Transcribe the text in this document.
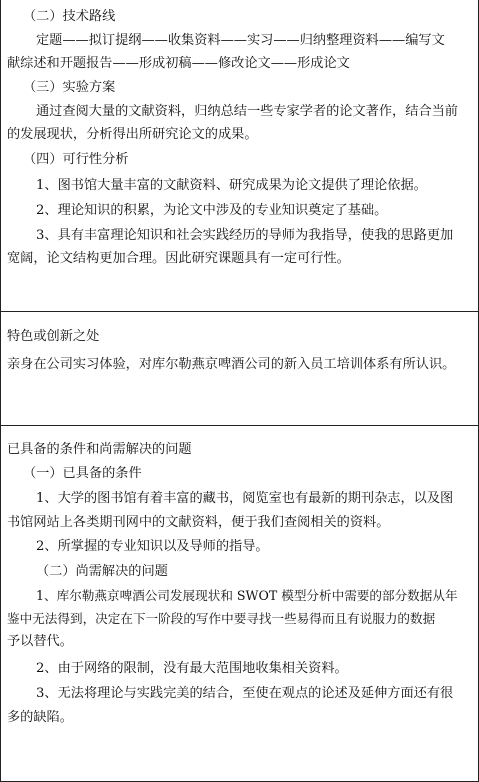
（二）技术路线
定题——拟订提纲——收集资料——实习——归纳整理资料——编写文
献综述和开题报告——形成初稿——修改论文——形成论文
（三）实验方案
通过查阅大量的文献资料，归纳总结一些专家学者的论文著作，结合当前
的发展现状，分析得出所研究论文的成果。
（四）可行性分析
1、图书馆大量丰富的文献资料、研究成果为论文提供了理论依据。
2、理论知识的积累，为论文中涉及的专业知识奠定了基础。
3、具有丰富理论知识和社会实践经历的导师为我指导，使我的思路更加
宽阔，论文结构更加合理。因此研究课题具有一定可行性。
特色或创新之处
亲身在公司实习体验，对库尔勒燕京啤酒公司的新入员工培训体系有所认识。
已具备的条件和尚需解决的问题
（一）已具备的条件
1、大学的图书馆有着丰富的藏书，阅览室也有最新的期刊杂志，以及图
书馆网站上各类期刊网中的文献资料，便于我们查阅相关的资料。
2、所掌握的专业知识以及导师的指导。
（二）尚需解决的问题
1、库尔勒燕京啤酒公司发展现状和 SWOT 模型分析中需要的部分数据从年
鉴中无法得到，决定在下一阶段的写作中要寻找一些易得而且有说服力的数据
予以替代。
2、由于网络的限制，没有最大范围地收集相关资料。
3、无法将理论与实践完美的结合，至使在观点的论述及延伸方面还有很
多的缺陷。
